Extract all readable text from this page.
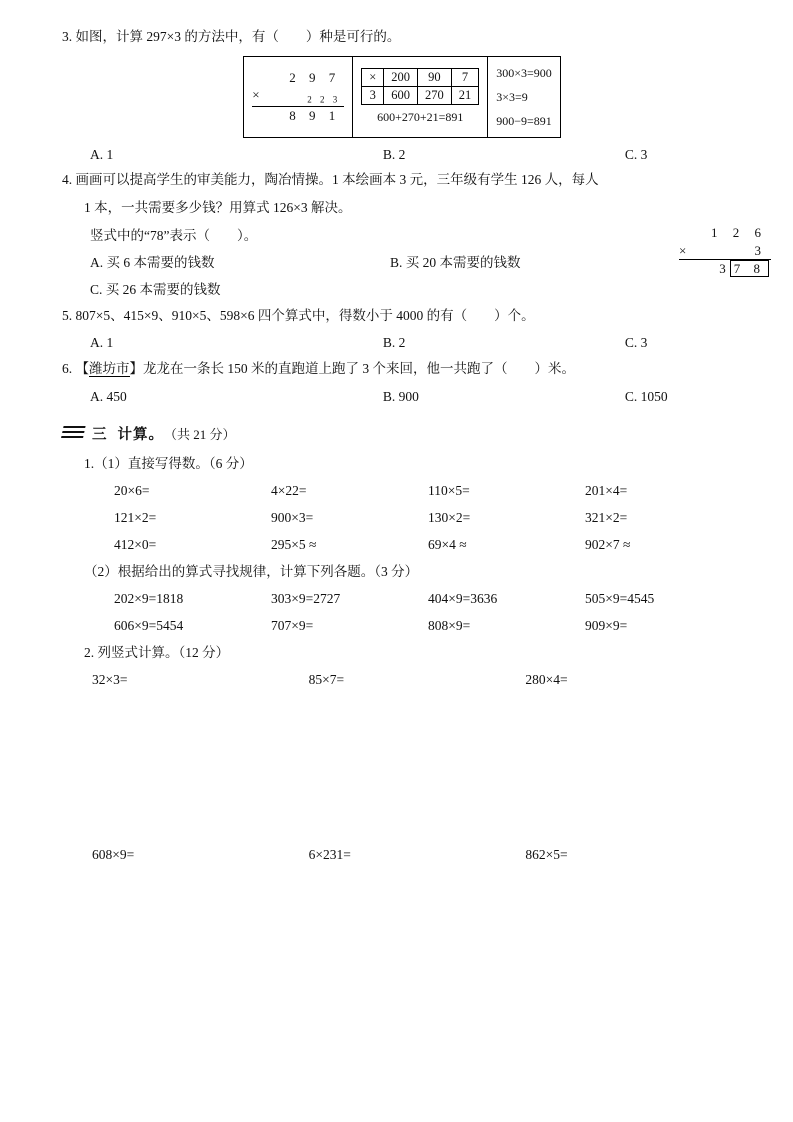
3. 如图，计算 297×3 的方法中，有（　　）种是可行的。
2 9 7
×	$_{2 2 3}$
8 9 1

×	200	90	7
3	600	270	21
600+270+21=891

300×3=900
3×3=9
900−9=891
A. 1	B. 2	C. 3
4. 画画可以提高学生的审美能力，陶冶情操。1 本绘画本 3 元，三年级有学生 126 人，每人
1 本，一共需要多少钱？用算式 126×3 解决。
竖式中的“78”表示（　　）。
A. 买 6 本需要的钱数	B. 买 20 本需要的钱数
C. 买 26 本需要的钱数
5. 807×5、415×9、910×5、598×6 四个算式中，得数小于 4000 的有（　　）个。
A. 1	B. 2	C. 3
6. 【潍坊市】龙龙在一条长 150 米的直跑道上跑了 3 个来回，他一共跑了（　　）米。
A. 450	B. 900	C. 1050
三 计算。 （共 21 分）
1.（1）直接写得数。（6 分）
20×6=	4×22=	110×5=	201×4=
121×2=	900×3=	130×2=	321×2=
412×0=	295×5 ≈	69×4 ≈	902×7 ≈
（2）根据给出的算式寻找规律，计算下列各题。（3 分）
202×9=1818	303×9=2727	404×9=3636	505×9=4545
606×9=5454	707×9=	808×9=	909×9=
2. 列竖式计算。（12 分）
32×3=	85×7=	280×4=
608×9=	6×231=	862×5=
1 2 6
×	3
3 7 8
